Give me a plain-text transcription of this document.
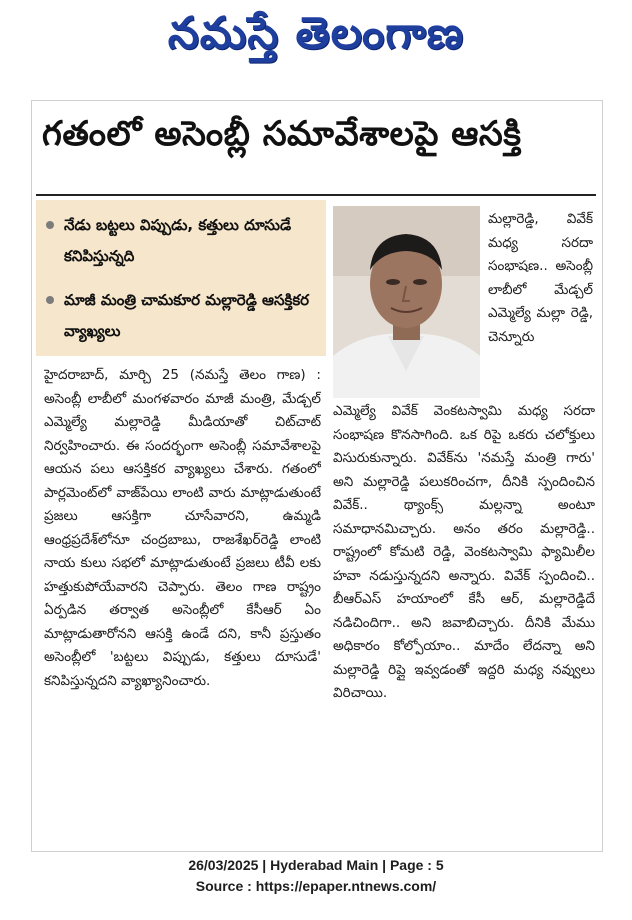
నమస్తే తెలంగాణ
గతంలో అసెంబ్లీ సమావేశాలపై ఆసక్తి
నేడు బట్టలు విప్పుడు, కత్తులు దూసుడే కనిపిస్తున్నది
మాజీ మంత్రి చామకూర మల్లారెడ్డి ఆసక్తికర వ్యాఖ్యలు
హైదరాబాద్, మార్చి 25 (నమస్తే తెలం గాణ) : అసెంబ్లీ లాబీలో మంగళవారం మాజీ మంత్రి, మేడ్చల్ ఎమ్మెల్యే మల్లారెడ్డి మీడియాతో చిట్‌చాట్ నిర్వహించారు. ఈ సందర్భంగా అసెంబ్లీ సమావేశాలపై ఆయన పలు ఆసక్తికర వ్యాఖ్యలు చేశారు. గతంలో పార్లమెంట్‌లో వాజ్‌పేయి లాంటి వారు మాట్లాడుతుంటే ప్రజలు ఆసక్తిగా చూసేవారని, ఉమ్మడి ఆంధ్రప్రదేశ్‌లోనూ చంద్రబాబు, రాజశేఖర్‌రెడ్డి లాంటి నాయ కులు సభలో మాట్లాడుతుంటే ప్రజలు టీవీ లకు హత్తుకుపోయేవారని చెప్పారు. తెలం గాణ రాష్ట్రం ఏర్పడిన తర్వాత అసెంబ్లీలో కేసీఆర్ ఏం మాట్లాడుతారోనని ఆసక్తి ఉండే దని, కానీ ప్రస్తుతం అసెంబ్లీలో 'బట్టలు విప్పుడు, కత్తులు దూసుడే' కనిపిస్తున్నదని వ్యాఖ్యానించారు.
మల్లారెడ్డి, వివేక్ మధ్య సరదా సంభాషణ.. అసెంబ్లీ లాబీలో మేడ్చల్ ఎమ్మెల్యే మల్లా రెడ్డి, చెన్నూరు
ఎమ్మెల్యే వివేక్ వెంకటస్వామి మధ్య సరదా సంభాషణ కొనసాగింది. ఒక రిపై ఒకరు చలోక్తులు విసురుకున్నారు. వివేక్‌ను 'నమస్తే మంత్రి గారు' అని మల్లారెడ్డి పలుకరించగా, దీనికి స్పందించిన వివేక్.. థ్యాంక్స్ మల్లన్నా అంటూ సమాధానమిచ్చారు. అనం తరం మల్లారెడ్డి.. రాష్ట్రంలో కోమటి రెడ్డి, వెంకటస్వామి ఫ్యామిలీల హవా నడుస్తున్నదని అన్నారు. వివేక్ స్పందించి.. బీఆర్ఎస్ హయాంలో కేసీ ఆర్, మల్లారెడ్డిదే నడిచిందిగా.. అని జవాబిచ్చారు. దీనికి మేము అధికారం కోల్పోయాం.. మాదేం లేదన్నా అని మల్లారెడ్డి రిప్లై ఇవ్వడంతో ఇద్దరి మధ్య నవ్వులు విరిచాయి.
26/03/2025 | Hyderabad Main | Page : 5
Source : https://epaper.ntnews.com/
